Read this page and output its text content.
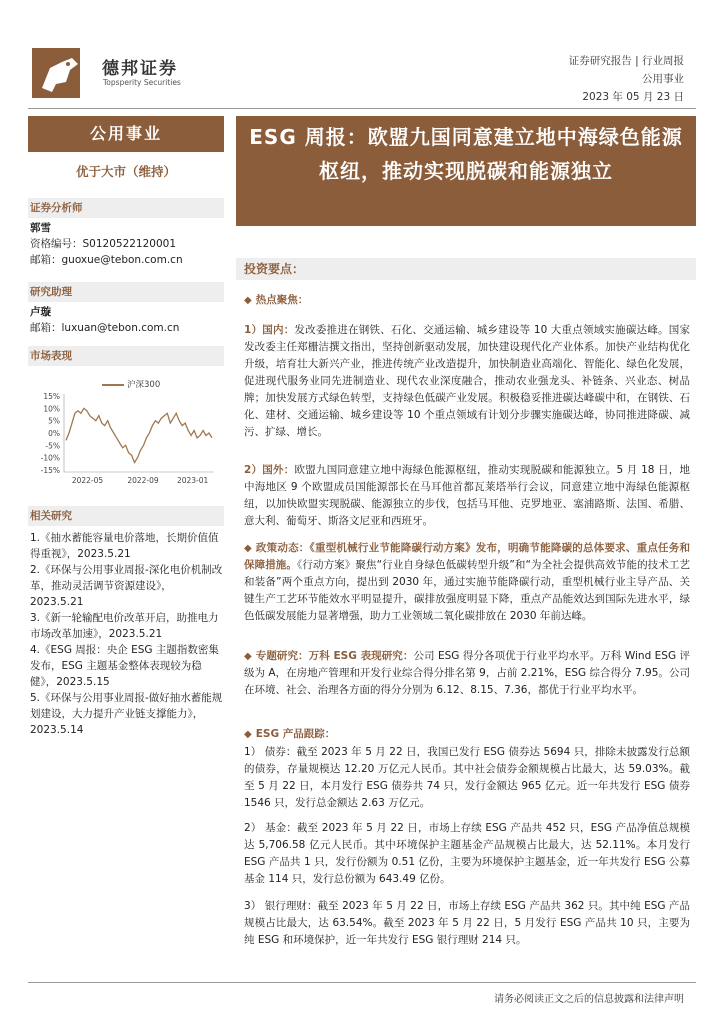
德邦证券
Topsperity Securities
证券研究报告 | 行业周报
公用事业
2023 年 05 月 23 日
公用事业
优于大市（维持）
证券分析师
郭雪
资格编号：S0120522120001
邮箱：guoxue@tebon.com.cn
研究助理
卢璇
邮箱：luxuan@tebon.com.cn
市场表现
相关研究
沪深300
15%
10%
5%
0%
-5%
-10%
-15%
2022-05	2022-09 2023-01
1.《抽水蓄能容量电价落地，长期价值值得重视》，2023.5.21
2.《环保与公用事业周报-深化电价机制改革，推动灵活调节资源建设》，2023.5.21
3.《新一轮输配电价改革开启，助推电力市场改革加速》，2023.5.21
4.《ESG 周报：央企 ESG 主题指数密集发布，ESG 主题基金整体表现较为稳健》，2023.5.15
5.《环保与公用事业周报-做好抽水蓄能规划建设，大力提升产业链支撑能力》，2023.5.14
ESG 周报：欧盟九国同意建立地中海绿色能源枢纽，推动实现脱碳和能源独立
投资要点：
◆ 热点聚焦：
1）国内：发改委推进在钢铁、石化、交通运输、城乡建设等 10 大重点领域实施碳达峰。国家发改委主任郑栅洁撰文指出，坚持创新驱动发展，加快建设现代化产业体系。加快产业结构优化升级，培育壮大新兴产业，推进传统产业改造提升，加快制造业高端化、智能化、绿色化发展，促进现代服务业同先进制造业、现代农业深度融合，推动农业强龙头、补链条、兴业态、树品牌；加快发展方式绿色转型，支持绿色低碳产业发展。积极稳妥推进碳达峰碳中和，在钢铁、石化、建材、交通运输、城乡建设等 10 个重点领域有计划分步骤实施碳达峰，协同推进降碳、减污、扩绿、增长。
2）国外：欧盟九国同意建立地中海绿色能源枢纽，推动实现脱碳和能源独立。5 月 18 日，地中海地区 9 个欧盟成员国能源部长在马耳他首都瓦莱塔举行会议，同意建立地中海绿色能源枢纽，以加快欧盟实现脱碳、能源独立的步伐，包括马耳他、克罗地亚、塞浦路斯、法国、希腊、意大利、葡萄牙、斯洛文尼亚和西班牙。
◆ 政策动态：《重型机械行业节能降碳行动方案》发布，明确节能降碳的总体要求、重点任务和保障措施。《行动方案》聚焦“行业自身绿色低碳转型升级”和“为全社会提供高效节能的技术工艺和装备”两个重点方向，提出到 2030 年，通过实施节能降碳行动，重型机械行业主导产品、关键生产工艺环节能效水平明显提升，碳排放强度明显下降，重点产品能效达到国际先进水平，绿色低碳发展能力显著增强，助力工业领域二氧化碳排放在 2030 年前达峰。
◆ 专题研究：万科 ESG 表现研究：公司 ESG 得分各项优于行业平均水平。万科 Wind ESG 评级为 A，在房地产管理和开发行业综合得分排名第 9，占前 2.21%，ESG 综合得分 7.95。公司在环境、社会、治理各方面的得分分别为 6.12、8.15、7.36，都优于行业平均水平。
◆ ESG 产品跟踪：
1） 债券：截至 2023 年 5 月 22 日，我国已发行 ESG 债券达 5694 只，排除未披露发行总额的债券，存量规模达 12.20 万亿元人民币。其中社会债券金额规模占比最大，达 59.03%。截至 5 月 22 日，本月发行 ESG 债券共 74 只，发行金额达 965 亿元。近一年共发行 ESG 债券 1546 只，发行总金额达 2.63 万亿元。
2） 基金：截至 2023 年 5 月 22 日，市场上存续 ESG 产品共 452 只，ESG 产品净值总规模达 5,706.58 亿元人民币。其中环境保护主题基金产品规模占比最大，达 52.11%。本月发行 ESG 产品共 1 只，发行份额为 0.51 亿份，主要为环境保护主题基金，近一年共发行 ESG 公募基金 114 只，发行总份额为 643.49 亿份。
3） 银行理财：截至 2023 年 5 月 22 日，市场上存续 ESG 产品共 362 只。其中纯 ESG 产品规模占比最大，达 63.54%。截至 2023 年 5 月 22 日，5 月发行 ESG 产品共 10 只，主要为纯 ESG 和环境保护，近一年共发行 ESG 银行理财 214 只。
请务必阅读正文之后的信息披露和法律声明
